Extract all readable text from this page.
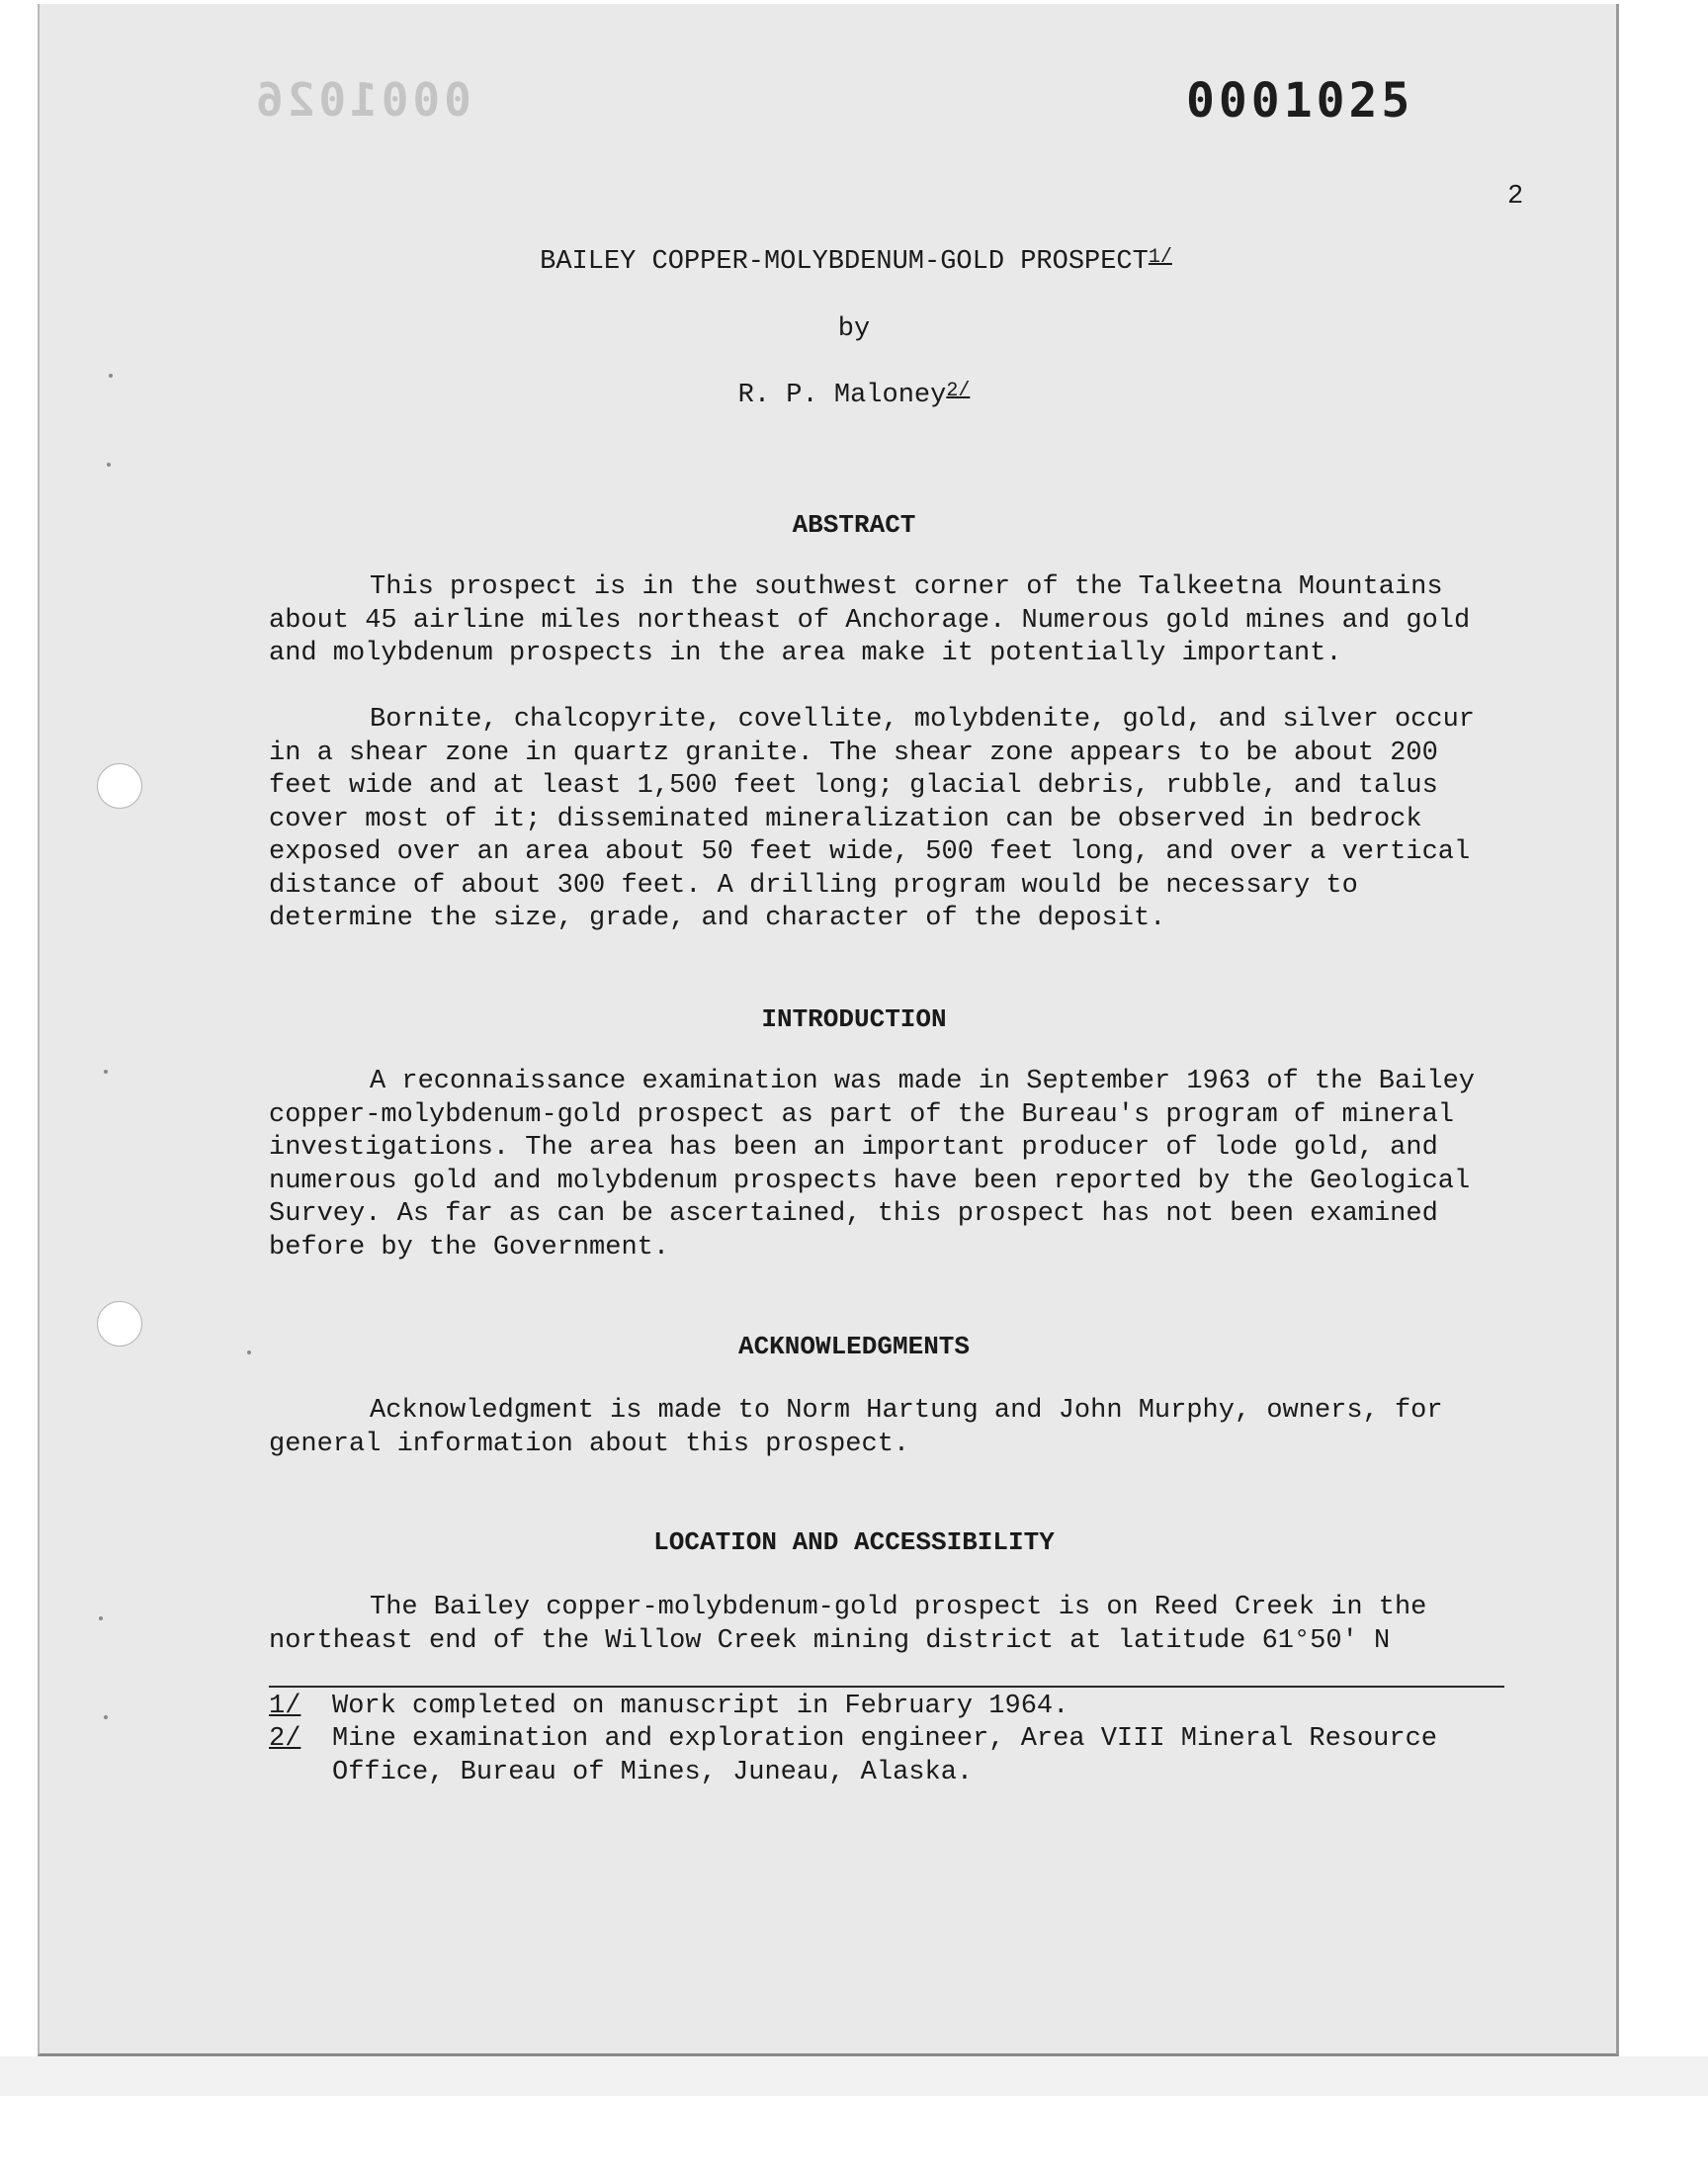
0001026	0001025
2
BAILEY COPPER-MOLYBDENUM-GOLD PROSPECT$^{1/}$
by
R. P. Maloney$^{2/}$
ABSTRACT

This prospect is in the southwest corner of the Talkeetna Mountains about 45 airline miles northeast of Anchorage. Numerous gold mines and gold and molybdenum prospects in the area make it potentially important.

Bornite, chalcopyrite, covellite, molybdenite, gold, and silver occur in a shear zone in quartz granite. The shear zone appears to be about 200 feet wide and at least 1,500 feet long; glacial debris, rubble, and talus cover most of it; disseminated mineralization can be observed in bedrock exposed over an area about 50 feet wide, 500 feet long, and over a vertical distance of about 300 feet. A drilling program would be necessary to determine the size, grade, and character of the deposit.

INTRODUCTION

A reconnaissance examination was made in September 1963 of the Bailey copper-molybdenum-gold prospect as part of the Bureau's program of mineral investigations. The area has been an important producer of lode gold, and numerous gold and molybdenum prospects have been reported by the Geological Survey. As far as can be ascertained, this prospect has not been examined before by the Government.

ACKNOWLEDGMENTS

Acknowledgment is made to Norm Hartung and John Murphy, owners, for general information about this prospect.

LOCATION AND ACCESSIBILITY

The Bailey copper-molybdenum-gold prospect is on Reed Creek in the northeast end of the Willow Creek mining district at latitude 61°50' N

1/ Work completed on manuscript in February 1964.
2/ Mine examination and exploration engineer, Area VIII Mineral Resource Office, Bureau of Mines, Juneau, Alaska.
